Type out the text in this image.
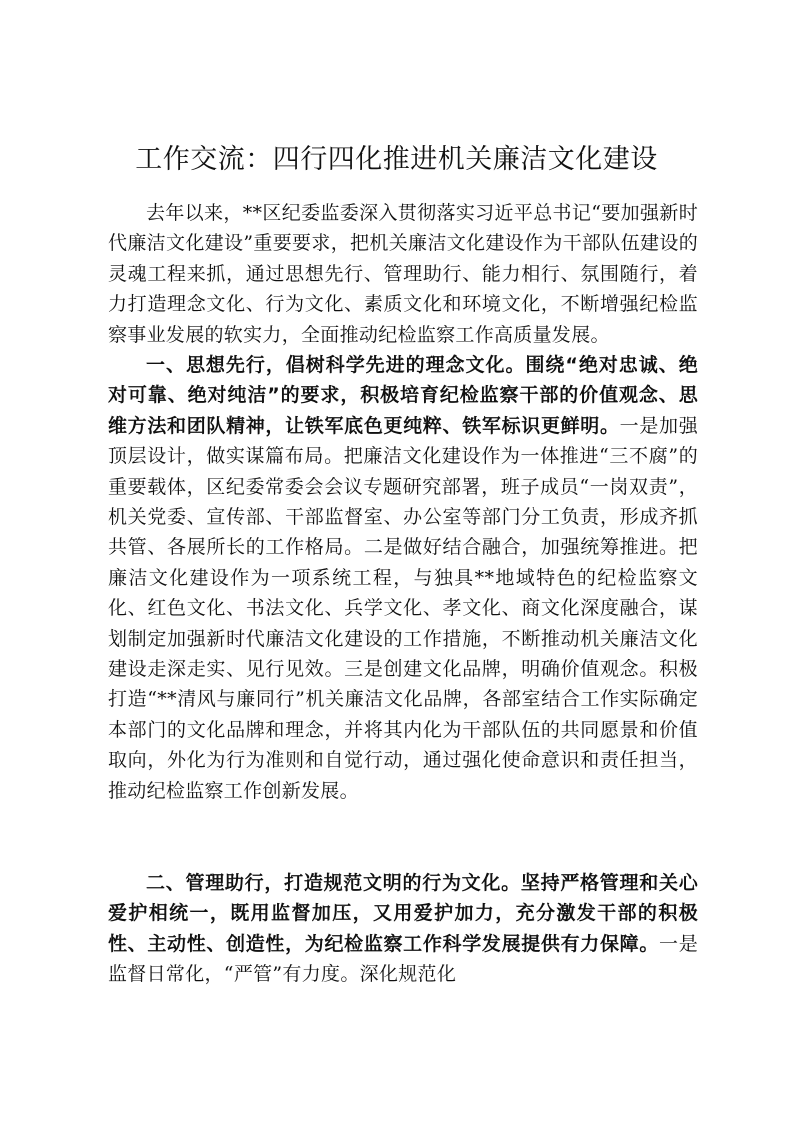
工作交流：四行四化推进机关廉洁文化建设

去年以来，**区纪委监委深入贯彻落实习近平总书记“要加强新时代廉洁文化建设”重要要求，把机关廉洁文化建设作为干部队伍建设的灵魂工程来抓，通过思想先行、管理助行、能力相行、氛围随行，着力打造理念文化、行为文化、素质文化和环境文化，不断增强纪检监察事业发展的软实力，全面推动纪检监察工作高质量发展。

一、思想先行，倡树科学先进的理念文化。围绕“绝对忠诚、绝对可靠、绝对纯洁”的要求，积极培育纪检监察干部的价值观念、思维方法和团队精神，让铁军底色更纯粹、铁军标识更鲜明。一是加强顶层设计，做实谋篇布局。把廉洁文化建设作为一体推进“三不腐”的重要载体，区纪委常委会会议专题研究部署，班子成员“一岗双责”，机关党委、宣传部、干部监督室、办公室等部门分工负责，形成齐抓共管、各展所长的工作格局。二是做好结合融合，加强统筹推进。把廉洁文化建设作为一项系统工程，与独具**地域特色的纪检监察文化、红色文化、书法文化、兵学文化、孝文化、商文化深度融合，谋划制定加强新时代廉洁文化建设的工作措施，不断推动机关廉洁文化建设走深走实、见行见效。三是创建文化品牌，明确价值观念。积极打造“**清风与廉同行”机关廉洁文化品牌，各部室结合工作实际确定本部门的文化品牌和理念，并将其内化为干部队伍的共同愿景和价值取向，外化为行为准则和自觉行动，通过强化使命意识和责任担当，推动纪检监察工作创新发展。

二、管理助行，打造规范文明的行为文化。坚持严格管理和关心爱护相统一，既用监督加压，又用爱护加力，充分激发干部的积极性、主动性、创造性，为纪检监察工作科学发展提供有力保障。一是监督日常化，“严管”有力度。深化规范化
